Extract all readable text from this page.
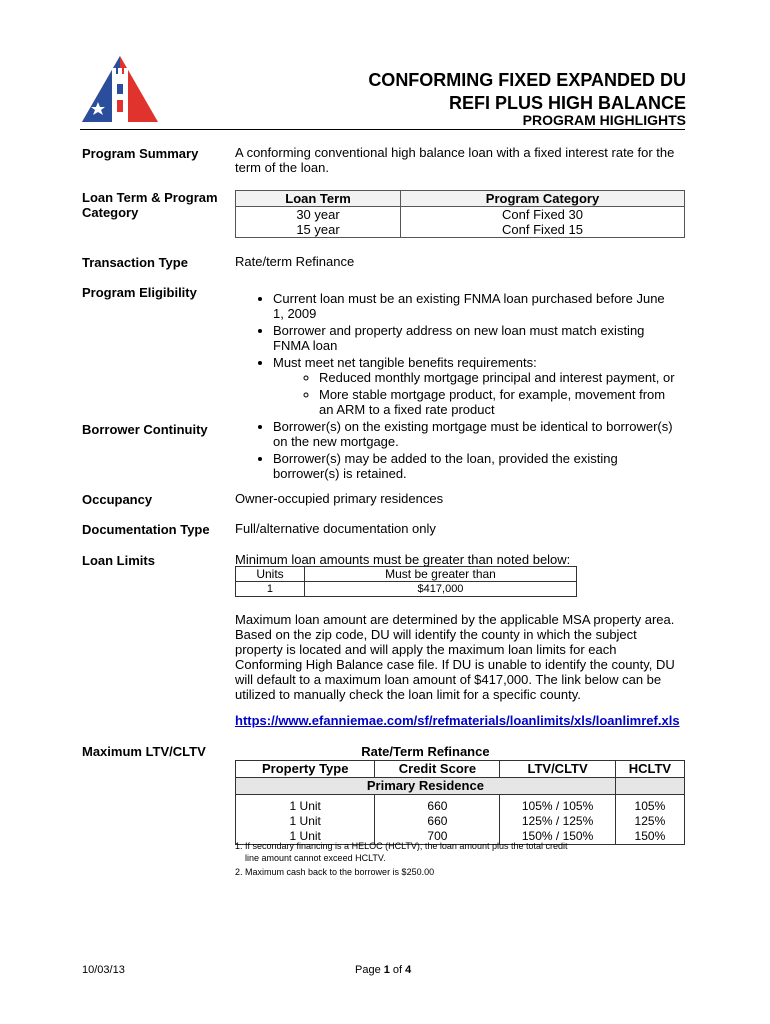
CONFORMING FIXED EXPANDED DU
REFI PLUS HIGH BALANCE
PROGRAM HIGHLIGHTS
Program Summary	A conforming conventional high balance loan with a fixed interest rate for the term of the loan.
Loan Term & Program Category
Loan Term	Program Category
30 year	Conf Fixed 30
15 year	Conf Fixed 15
Transaction Type	Rate/term Refinance
Program Eligibility	• Current loan must be an existing FNMA loan purchased before June 1, 2009
• Borrower and property address on new loan must match existing FNMA loan
• Must meet net tangible benefits requirements:
◦ Reduced monthly mortgage principal and interest payment, or
◦ More stable mortgage product, for example, movement from an ARM to a fixed rate product
Borrower Continuity	• Borrower(s) on the existing mortgage must be identical to borrower(s) on the new mortgage.
• Borrower(s) may be added to the loan, provided the existing borrower(s) is retained.
Occupancy	Owner-occupied primary residences
Documentation Type	Full/alternative documentation only
Loan Limits	Minimum loan amounts must be greater than noted below:
Units	Must be greater than
1	$417,000
Maximum loan amount are determined by the applicable MSA property area. Based on the zip code, DU will identify the county in which the subject property is located and will apply the maximum loan limits for each Conforming High Balance case file. If DU is unable to identify the county, DU will default to a maximum loan amount of $417,000. The link below can be utilized to manually check the loan limit for a specific county.
https://www.efanniemae.com/sf/refmaterials/loanlimits/xls/loanlimref.xls
Maximum LTV/CLTV	Rate/Term Refinance			
Property Type	Credit Score	LTV/CLTV	HCLTV
Primary Residence			

1 Unit	660	105% / 105%	105%
1 Unit	660	125% / 125%	125%
1 Unit	700	150% / 150%	150%
1. If secondary financing is a HELOC (HCLTV), the loan amount plus the total credit
line amount cannot exceed HCLTV.
2. Maximum cash back to the borrower is $250.00
10/03/13	Page 1 of 4
